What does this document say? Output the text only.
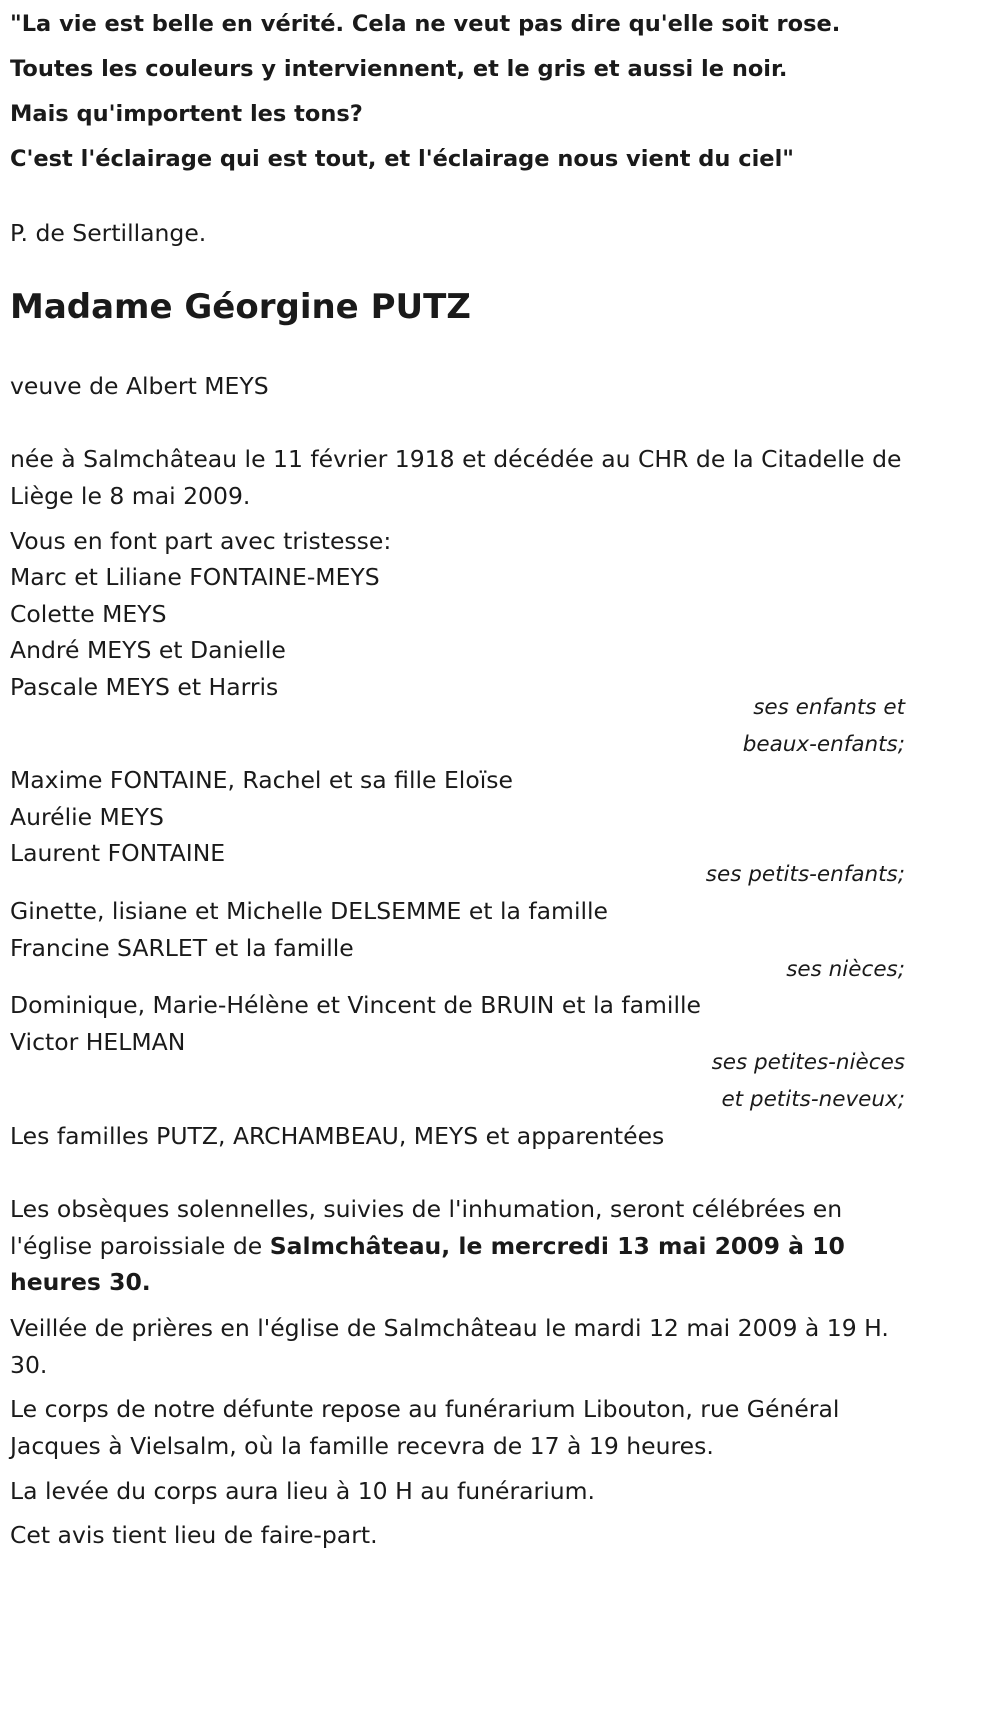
"La vie est belle en vérité. Cela ne veut pas dire qu'elle soit rose.
Toutes les couleurs y interviennent, et le gris et aussi le noir.
Mais qu'importent les tons?
C'est l'éclairage qui est tout, et l'éclairage nous vient du ciel"
P. de Sertillange.
Madame Géorgine PUTZ
veuve de Albert MEYS
née à Salmchâteau le 11 février 1918 et décédée au CHR de la Citadelle de Liège le 8 mai 2009.
Vous en font part avec tristesse:
Marc et Liliane FONTAINE-MEYS
Colette MEYS
André MEYS et Danielle
Pascale MEYS et Harris
ses enfants et
beaux-enfants;
Maxime FONTAINE, Rachel et sa fille Eloïse
Aurélie MEYS
Laurent FONTAINE
ses petits-enfants;
Ginette, lisiane et Michelle DELSEMME et la famille
Francine SARLET et la famille
ses nièces;
Dominique, Marie-Hélène et Vincent de BRUIN et la famille
Victor HELMAN
ses petites-nièces
et petits-neveux;
Les familles PUTZ, ARCHAMBEAU, MEYS et apparentées
Les obsèques solennelles, suivies de l'inhumation, seront célébrées en l'église paroissiale de Salmchâteau, le mercredi 13 mai 2009 à 10 heures 30.
Veillée de prières en l'église de Salmchâteau le mardi 12 mai 2009 à 19 H. 30.
Le corps de notre défunte repose au funérarium Libouton, rue Général Jacques à Vielsalm, où la famille recevra de 17 à 19 heures.
La levée du corps aura lieu à 10 H au funérarium.
Cet avis tient lieu de faire-part.
